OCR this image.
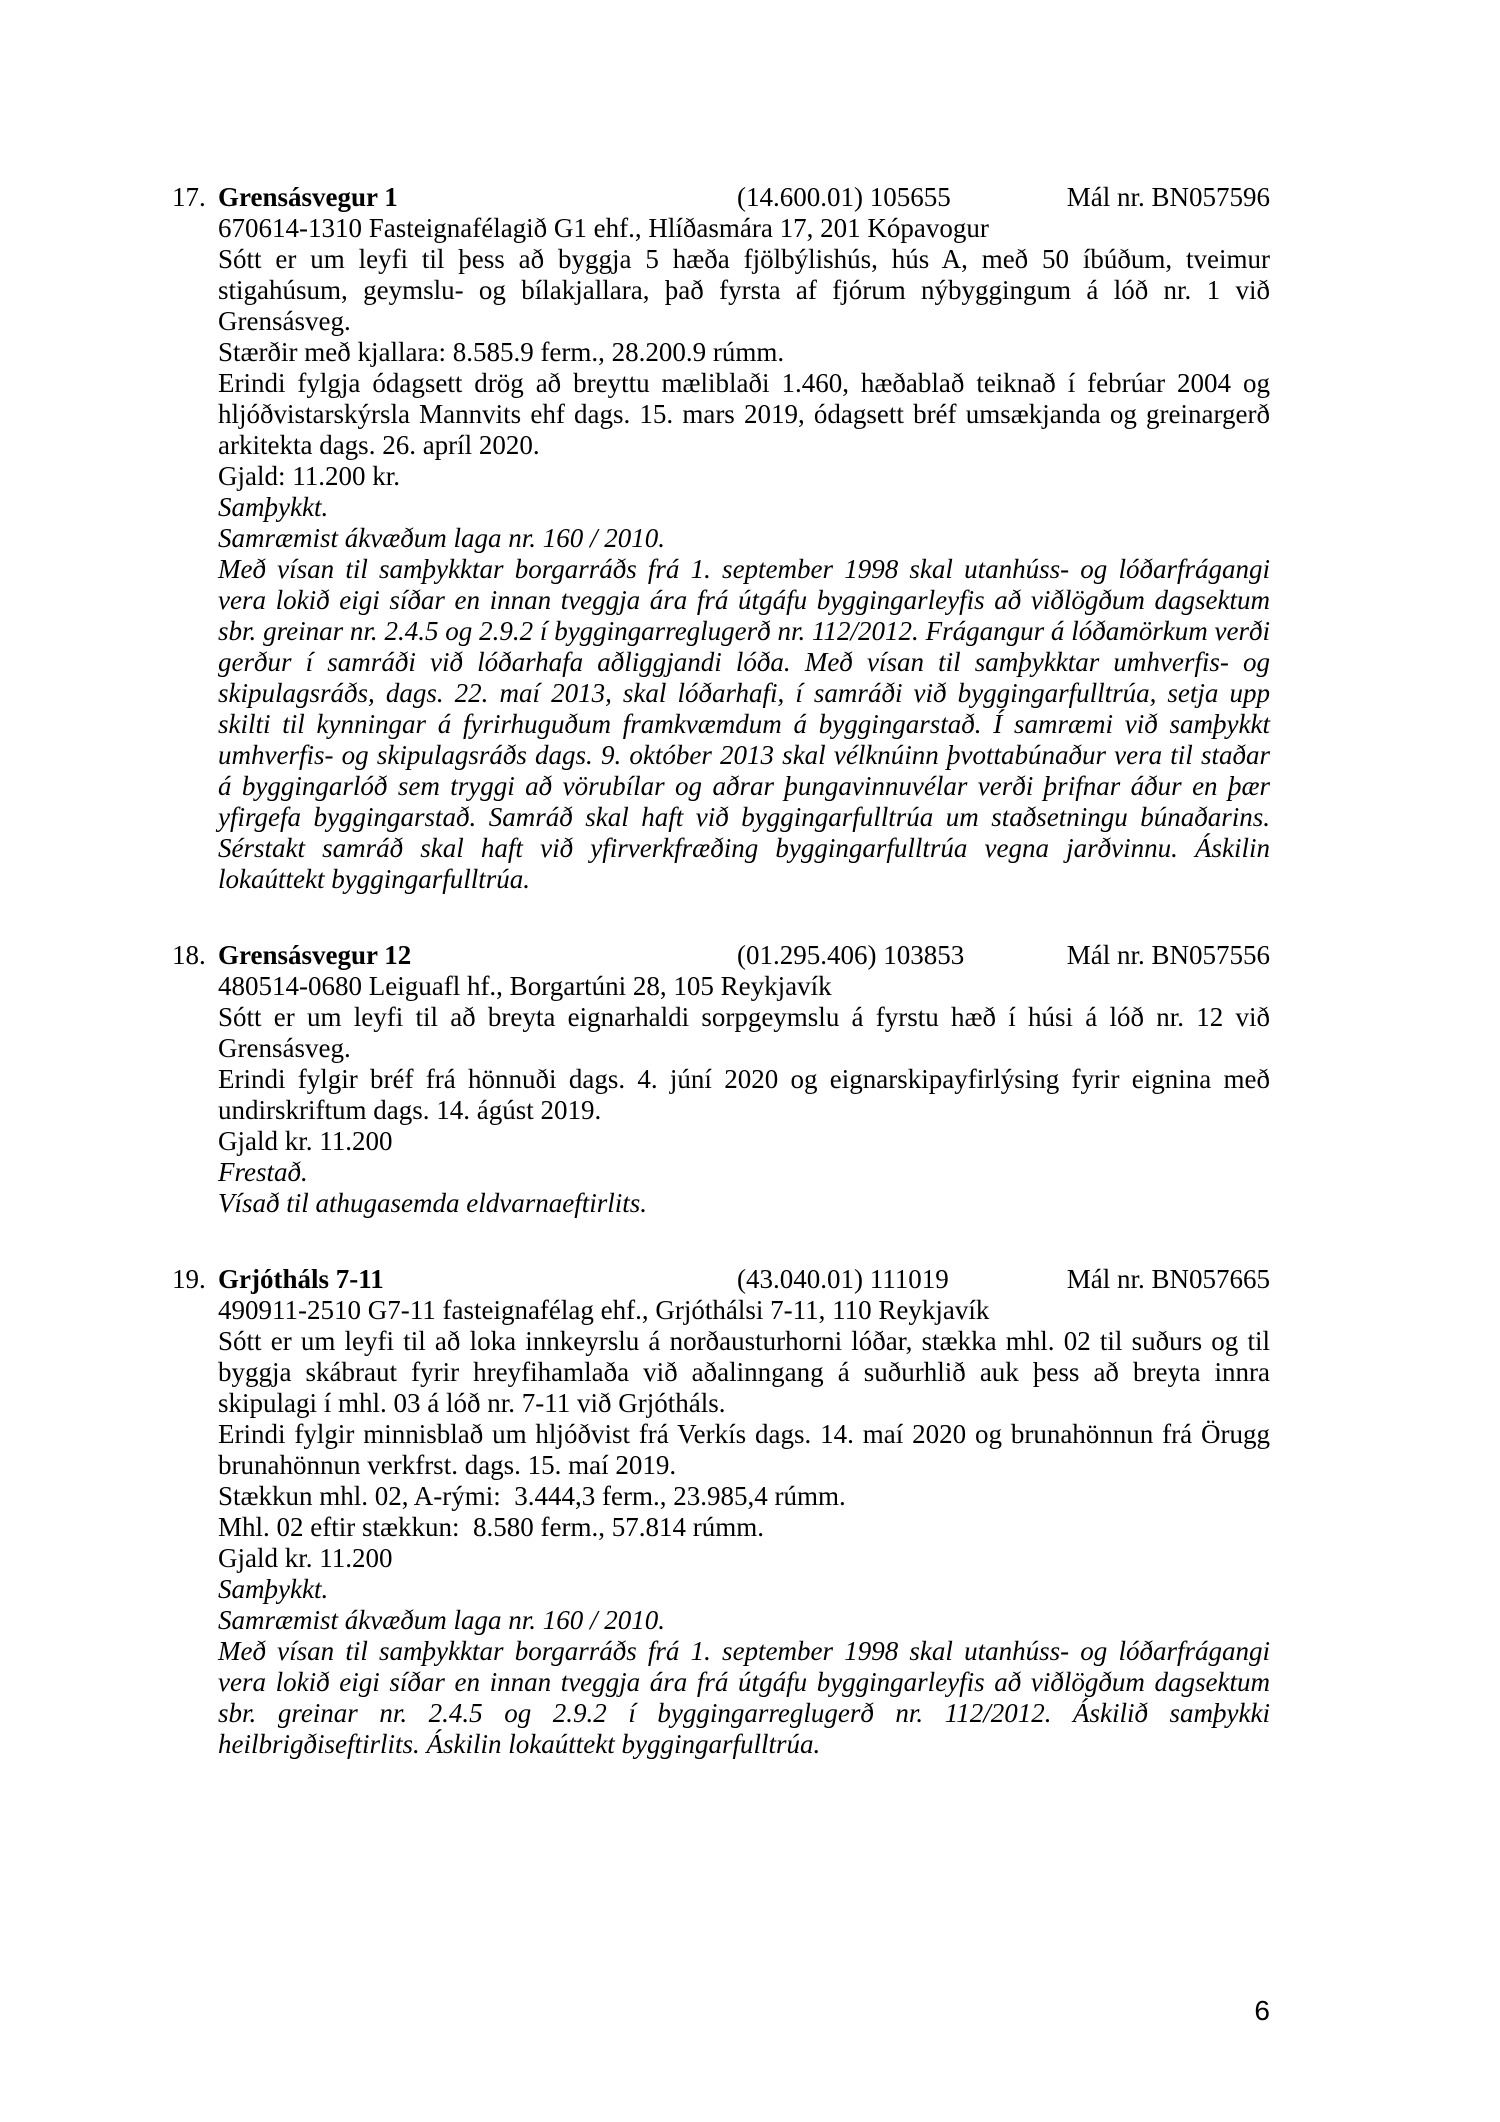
17. Grensásvegur 1	(14.600.01) 105655	Mál nr. BN057596
670614-1310 Fasteignafélagið G1 ehf., Hlíðasmára 17, 201 Kópavogur

Sótt er um leyfi til þess að byggja 5 hæða fjölbýlishús, hús A, með 50 íbúðum, tveimur stigahúsum, geymslu- og bílakjallara, það fyrsta af fjórum nýbyggingum á lóð nr. 1 við Grensásveg.

Stærðir með kjallara: 8.585.9 ferm., 28.200.9 rúmm.

Erindi fylgja ódagsett drög að breyttu mæliblaði 1.460, hæðablað teiknað í febrúar 2004 og hljóðvistarskýrsla Mannvits ehf dags. 15. mars 2019, ódagsett bréf umsækjanda og greinargerð arkitekta dags. 26. apríl 2020.

Gjald: 11.200 kr.

Samþykkt.

Samræmist ákvæðum laga nr. 160 / 2010.

Með vísan til samþykktar borgarráðs frá 1. september 1998 skal utanhúss- og lóðarfrágangi vera lokið eigi síðar en innan tveggja ára frá útgáfu byggingarleyfis að viðlögðum dagsektum sbr. greinar nr. 2.4.5 og 2.9.2 í byggingarreglugerð nr. 112/2012. Frágangur á lóðamörkum verði gerður í samráði við lóðarhafa aðliggjandi lóða. Með vísan til samþykktar umhverfis- og skipulagsráðs, dags. 22. maí 2013, skal lóðarhafi, í samráði við byggingarfulltrúa, setja upp skilti til kynningar á fyrirhuguðum framkvæmdum á byggingarstað. Í samræmi við samþykkt umhverfis- og skipulagsráðs dags. 9. október 2013 skal vélknúinn þvottabúnaður vera til staðar á byggingarlóð sem tryggi að vörubílar og aðrar þungavinnuvélar verði þrifnar áður en þær yfirgefa byggingarstað. Samráð skal haft við byggingarfulltrúa um staðsetningu búnaðarins. Sérstakt samráð skal haft við yfirverkfræðing byggingarfulltrúa vegna jarðvinnu. Áskilin lokaúttekt byggingarfulltrúa.

18. Grensásvegur 12	(01.295.406) 103853	Mál nr. BN057556
480514-0680 Leiguafl hf., Borgartúni 28, 105 Reykjavík

Sótt er um leyfi til að breyta eignarhaldi sorpgeymslu á fyrstu hæð í húsi á lóð nr. 12 við Grensásveg.

Erindi fylgir bréf frá hönnuði dags. 4. júní 2020 og eignarskipayfirlýsing fyrir eignina með undirskriftum dags. 14. ágúst 2019.

Gjald kr. 11.200

Frestað.

Vísað til athugasemda eldvarnaeftirlits.

19. Grjótháls 7-11	(43.040.01) 111019	Mál nr. BN057665
490911-2510 G7-11 fasteignafélag ehf., Grjóthálsi 7-11, 110 Reykjavík

Sótt er um leyfi til að loka innkeyrslu á norðausturhorni lóðar, stækka mhl. 02 til suðurs og til byggja skábraut fyrir hreyfihamlaða við aðalinngang á suðurhlið auk þess að breyta innra skipulagi í mhl. 03 á lóð nr. 7-11 við Grjótháls.

Erindi fylgir minnisblað um hljóðvist frá Verkís dags. 14. maí 2020 og brunahönnun frá Örugg brunahönnun verkfrst. dags. 15. maí 2019.

Stækkun mhl. 02, A-rými:  3.444,3 ferm., 23.985,4 rúmm.

Mhl. 02 eftir stækkun:  8.580 ferm., 57.814 rúmm.

Gjald kr. 11.200

Samþykkt.

Samræmist ákvæðum laga nr. 160 / 2010.

Með vísan til samþykktar borgarráðs frá 1. september 1998 skal utanhúss- og lóðarfrágangi vera lokið eigi síðar en innan tveggja ára frá útgáfu byggingarleyfis að viðlögðum dagsektum sbr. greinar nr. 2.4.5 og 2.9.2 í byggingarreglugerð nr. 112/2012. Áskilið samþykki heilbrigðiseftirlits. Áskilin lokaúttekt byggingarfulltrúa.

6
